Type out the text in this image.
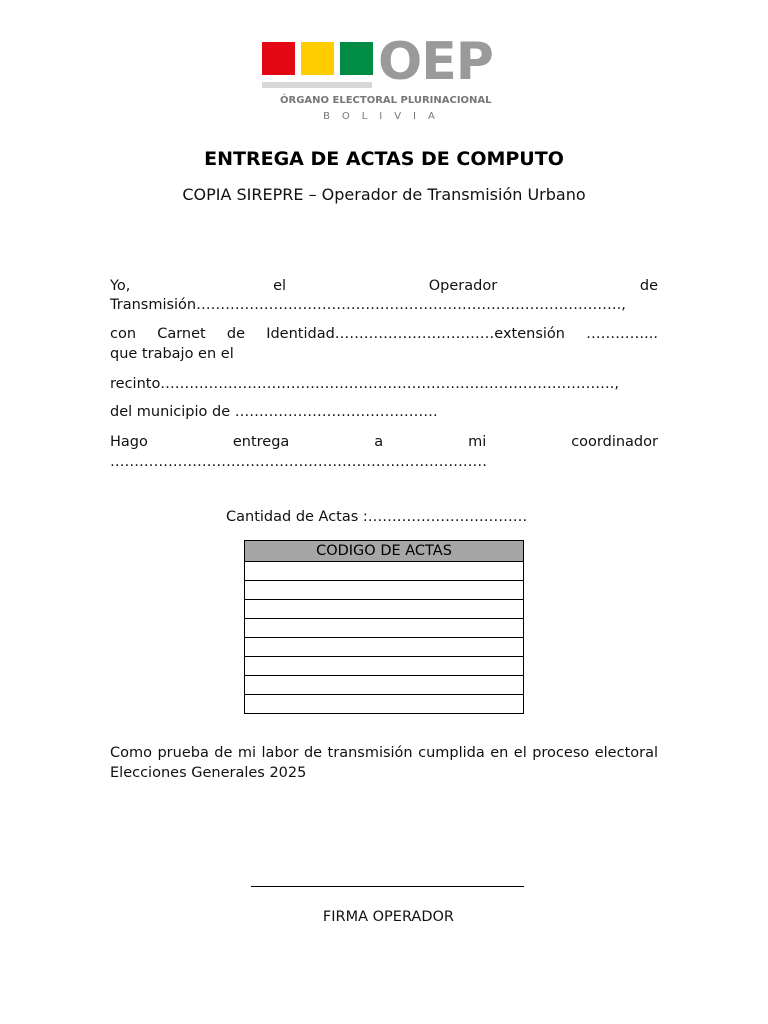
OEP
ÓRGANO ELECTORAL PLURINACIONAL
BOLIVIA
ENTREGA DE ACTAS DE COMPUTO
COPIA SIREPRE – Operador de Transmisión Urbano
Yo,	el	Operador	de
Transmisión…………………………………………………………………………….,
con Carnet de Identidad……………………………extensión …………...
que trabajo en el
recinto………………………………………………………………………………….,
del municipio de ……………………………………
Hago	entrega	a	mi	coordinador
……………………………………………………………………
Cantidad de Actas :……………………………
CODIGO DE ACTAS

Como prueba de mi labor de transmisión cumplida en el proceso electoral Elecciones Generales 2025
FIRMA OPERADOR
